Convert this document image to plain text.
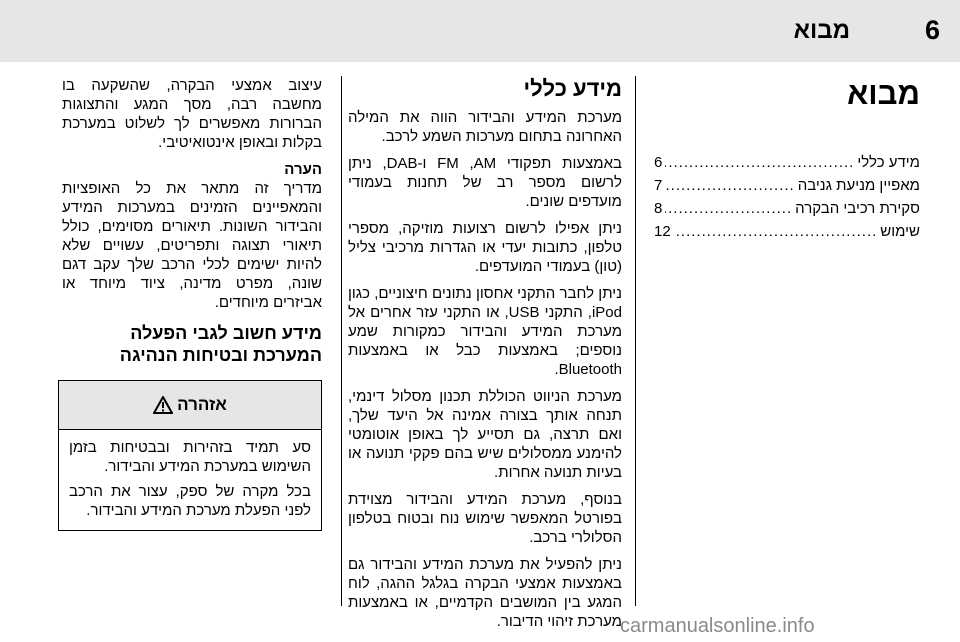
6
מבוא
מבוא
מידע כללי
.....
6
מאפיין מניעת גניבה
.....
7
סקירת רכיבי הבקרה
.....
8
שימוש
.....
12
מידע כללי

מערכת המידע והבידור הווה את המילה האחרונה בתחום מערכות השמע לרכב.

באמצעות תפקודי FM ,AM ו-DAB, ניתן לרשום מספר רב של תחנות בעמודי מועדפים שונים.

ניתן אפילו לרשום רצועות מוזיקה, מספרי טלפון, כתובות יעדי או הגדרות מרכיבי צליל (טון) בעמודי המועדפים.

ניתן לחבר התקני אחסון נתונים חיצוניים, כגון iPod, התקני USB, או התקני עזר אחרים אל מערכת המידע והבידור כמקורות שמע נוספים; באמצעות כבל או באמצעות Bluetooth.

מערכת הניווט הכוללת תכנון מסלול דינמי, תנחה אותך בצורה אמינה אל היעד שלך, ואם תרצה, גם תסייע לך באופן אוטומטי להימנע ממסלולים שיש בהם פקקי תנועה או בעיות תנועה אחרות.

בנוסף, מערכת המידע והבידור מצוידת בפורטל המאפשר שימוש נוח ובטוח בטלפון הסלולרי ברכב.

ניתן להפעיל את מערכת המידע והבידור גם באמצעות אמצעי הבקרה בגלגל ההגה, לוח המגע בין המושבים הקדמיים, או באמצעות מערכת זיהוי הדיבור.

עיצוב אמצעי הבקרה, שהשקעה בו מחשבה רבה, מסך המגע והתצוגות הברורות מאפשרים לך לשלוט במערכת בקלות ובאופן אינטואיטיבי.

הערה

מדריך זה מתאר את כל האופציות והמאפיינים הזמינים במערכות המידע והבידור השונות. תיאורים מסוימים, כולל תיאורי תצוגה ותפריטים, עשויים שלא להיות ישימים לכלי הרכב שלך עקב דגם שונה, מפרט מדינה, ציוד מיוחד או אביזרים מיוחדים.

מידע חשוב לגבי הפעלה המערכת ובטיחות הנהיגה
אזהרה

סע תמיד בזהירות ובבטיחות בזמן השימוש במערכת המידע והבידור.

בכל מקרה של ספק, עצור את הרכב לפני הפעלת מערכת המידע והבידור.

carmanualsonline.info
